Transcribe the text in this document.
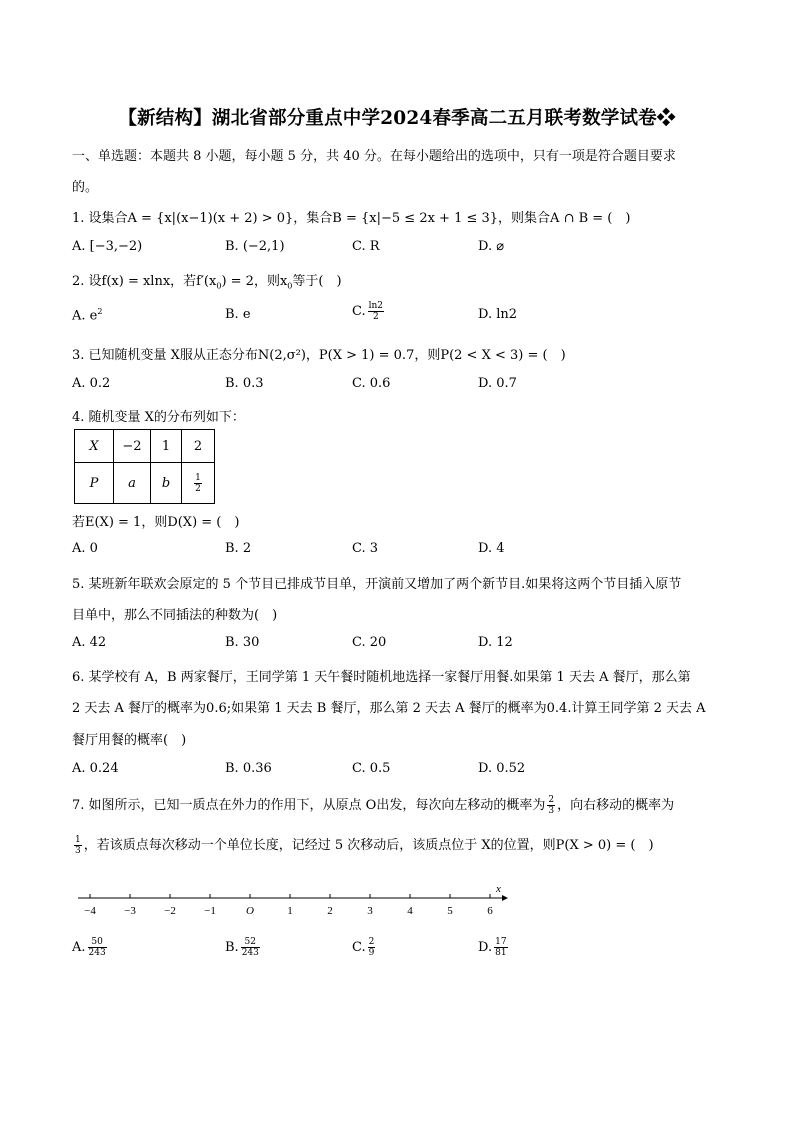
【新结构】湖北省部分重点中学2024春季高二五月联考数学试卷❖
一、单选题：本题共 8 小题，每小题 5 分，共 40 分。在每小题给出的选项中，只有一项是符合题目要求
的。
1. 设集合A = {x|(x−1)(x + 2) > 0}，集合B = {x|−5 ≤ 2x + 1 ≤ 3}，则集合A ∩ B = (　)
A. [−3,−2)	B. (−2,1)	C. R	D. ⌀
2. 设f(x) = xlnx，若$f'(x_0) = 2$，则$x_0$等于(　)
A. $e^2$	B. e	C. $\frac{\ln 2}{2}$	D. ln2
3. 已知随机变量 X服从正态分布N(2,σ²)，P(X > 1) = 0.7，则P(2 < X < 3) = (　)
A. 0.2	B. 0.3	C. 0.6	D. 0.7
4. 随机变量 X的分布列如下：
X	−2	1	2
P	a	b	$\frac{1}{2}$
若E(X) = 1，则D(X) = (　)
A. 0	B. 2	C. 3	D. 4
5. 某班新年联欢会原定的 5 个节目已排成节目单，开演前又增加了两个新节目.如果将这两个节目插入原节
目单中，那么不同插法的种数为(　)
A. 42	B. 30	C. 20	D. 12
6. 某学校有 A，B 两家餐厅，王同学第 1 天午餐时随机地选择一家餐厅用餐.如果第 1 天去 A 餐厅，那么第
2 天去 A 餐厅的概率为0.6;如果第 1 天去 B 餐厅，那么第 2 天去 A 餐厅的概率为0.4.计算王同学第 2 天去 A
餐厅用餐的概率(　)
A. 0.24	B. 0.36	C. 0.5	D. 0.52
7. 如图所示，已知一质点在外力的作用下，从原点 O出发，每次向左移动的概率为 $\frac{2}{3}$ ，向右移动的概率为
$\frac{1}{3}$ ，若该质点每次移动一个单位长度，记经过 5 次移动后，该质点位于 X的位置，则P(X > 0) = (　)
x
−4	−3	−2	−1	O	1	2	3	4	5	6
A. $\frac{50}{243}$	B. $\frac{52}{243}$	C. $\frac{2}{9}$	D. $\frac{17}{81}$
